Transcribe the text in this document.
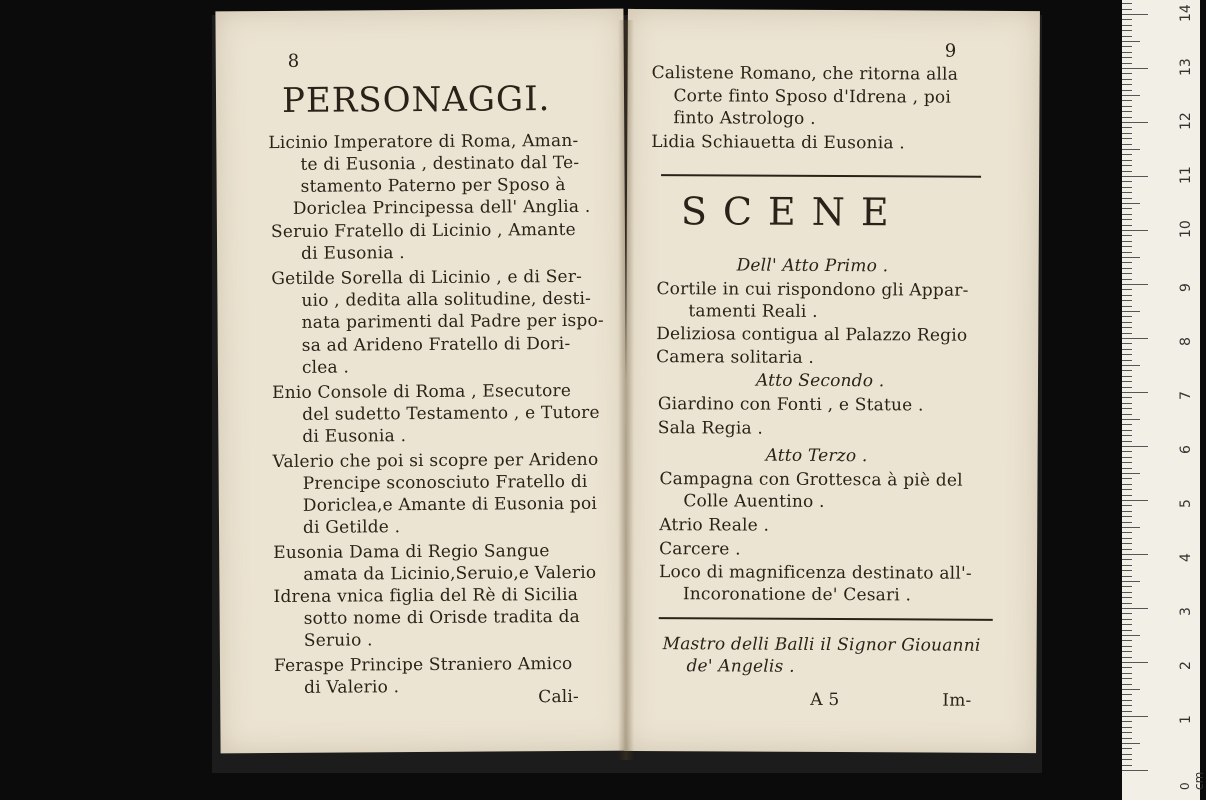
8
PERSONAGGI.
Licinio Imperatore di Roma, Aman-
te di Eusonia , destinato dal Te-
stamento Paterno per Sposo à
Doriclea Principessa dell' Anglia .
Seruio Fratello di Licinio , Amante
di Eusonia .
Getilde Sorella di Licinio , e di Ser-
uio , dedita alla solitudine, desti-
nata parimenti dal Padre per ispo-
sa ad Arideno Fratello di Dori-
clea .
Enio Console di Roma , Esecutore
del sudetto Testamento , e Tutore
di Eusonia .
Valerio che poi si scopre per Arideno
Prencipe sconosciuto Fratello di
Doriclea,e Amante di Eusonia poi
di Getilde .
Eusonia Dama di Regio Sangue
amata da Licinio,Seruio,e Valerio
Idrena vnica figlia del Rè di Sicilia
sotto nome di Orisde tradita da
Seruio .
Ferasре Principe Straniero Amico
di Valerio .	Cali-
9
Calistene Romano, che ritorna alla
Corte finto Sposo d'Idrena , poi
finto Astrologo .
Lidia Schiauetta di Eusonia .
SCENE
Dell' Atto Primo .
Cortile in cui rispondono gli Appar-
tamenti Reali .
Deliziosa contigua al Palazzo Regio
Camera solitaria .
Atto Secondo .
Giardino con Fonti , e Statue .
Sala Regia .
Atto Terzo .
Campagna con Grottesca à piè del
Colle Auentino .
Atrio Reale .
Carcere .
Loco di magnificenza destinato all'-
Incoronatione de' Cesari .
Mastro delli Balli il Signor Giouanni
de' Angelis .
A 5	Im-
0 cm
1
2
3
4
5
6
7
8
9
10
11
12
13
14
